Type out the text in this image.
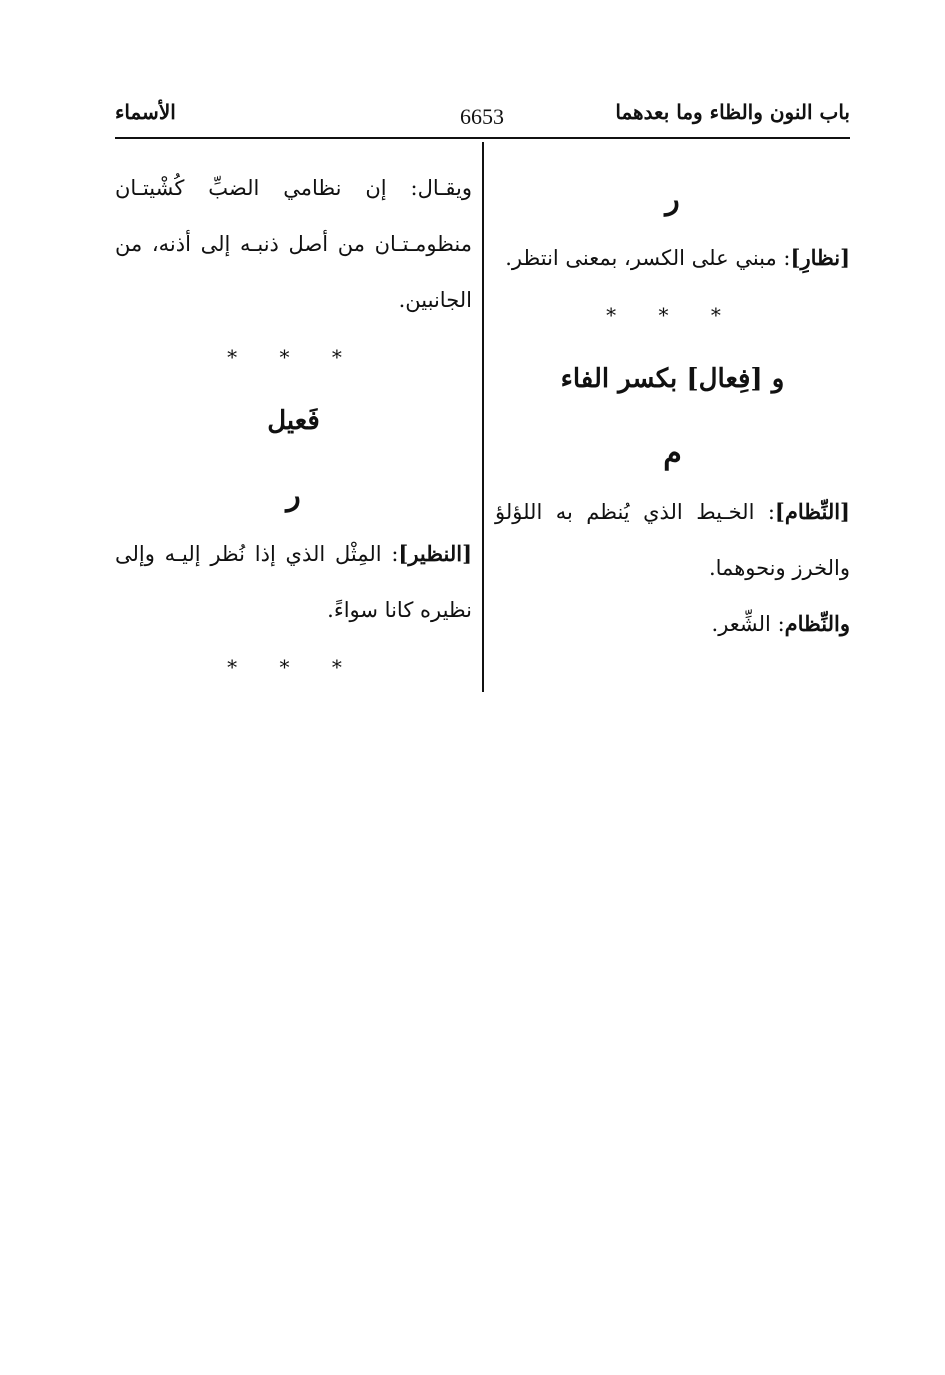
باب النون والظاء وما بعدهما
6653
الأسماء
ر

[نظارِ]: مبني على الكسر، بمعنى انتظر.

* * *
و [فِعال] بكسر الفاء
م

[النِّظام]: الخـيط الذي يُنظم به اللؤلؤ والخرز ونحوهما.

والنِّظام: الشِّعر.

ويقـال: إن نظامي الضبِّ كُشْيتـان منظومـتـان من أصل ذنبـه إلى أذنه، من الجانبين.

* * *
فَعيل
ر

[النظير]: المِثْل الذي إذا نُظر إليـه وإلى نظيره كانا سواءً.

* * *
